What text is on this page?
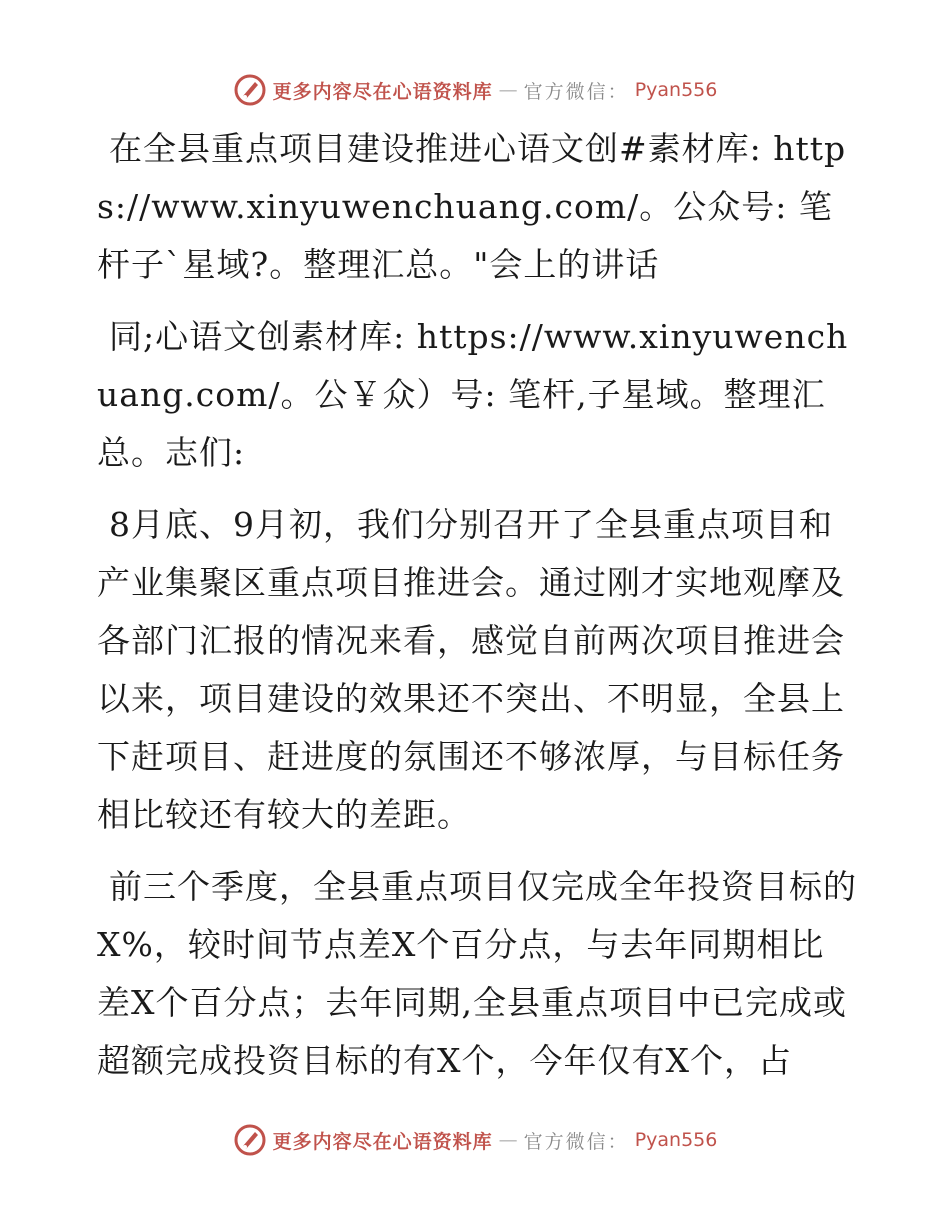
更多内容尽在心语资料库 — 官方微信： Pyan556

在全县重点项目建设推进心语文创#素材库: https://www.xinyuwenchuang.com/。公众号: 笔杆子`星域?。整理汇总。"会上的讲话

同;心语文创素材库: https://www.xinyuwenchuang.com/。公￥众）号: 笔杆,子星域。整理汇总。志们:

8月底、9月初，我们分别召开了全县重点项目和产业集聚区重点项目推进会。通过刚才实地观摩及各部门汇报的情况来看，感觉自前两次项目推进会以来，项目建设的效果还不突出、不明显，全县上下赶项目、赶进度的氛围还不够浓厚，与目标任务相比较还有较大的差距。

前三个季度，全县重点项目仅完成全年投资目标的X%，较时间节点差X个百分点，与去年同期相比差X个百分点；去年同期,全县重点项目中已完成或超额完成投资目标的有X个，今年仅有X个，占

更多内容尽在心语资料库 — 官方微信： Pyan556
